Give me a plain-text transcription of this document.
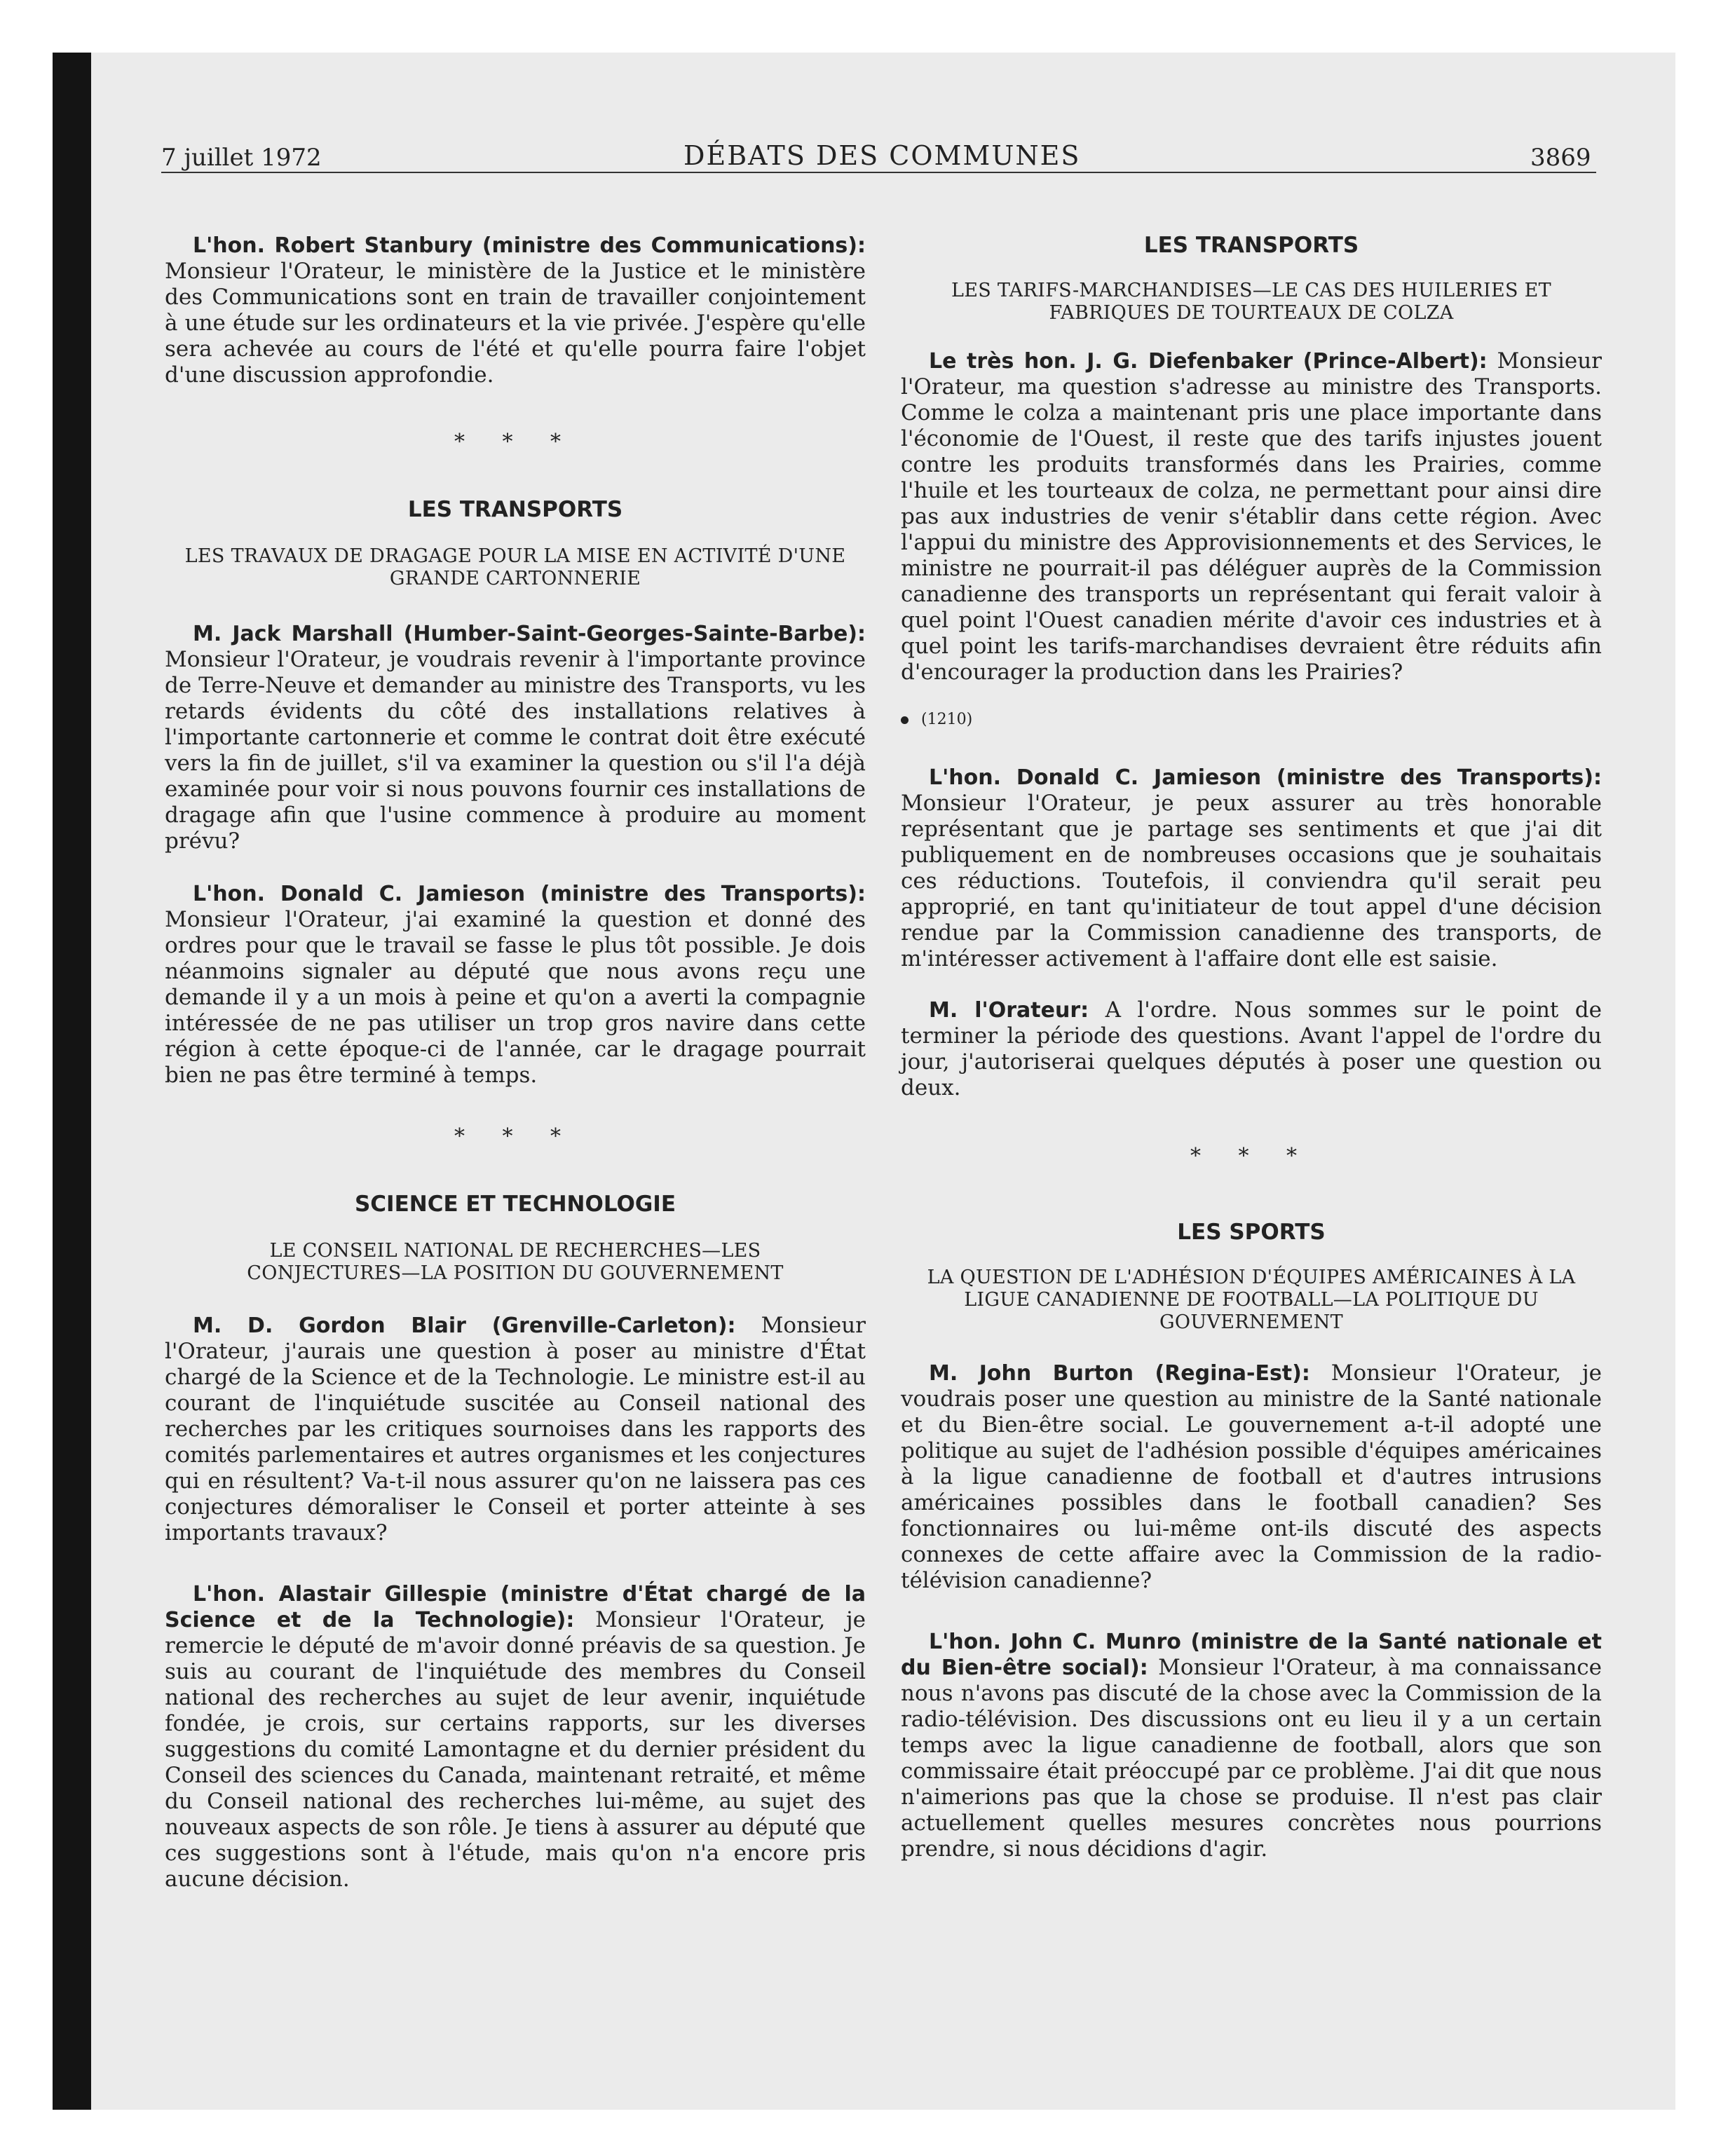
7 juillet 1972	DÉBATS DES COMMUNES	3869

L'hon. Robert Stanbury (ministre des Communications): Monsieur l'Orateur, le ministère de la Justice et le ministère des Communications sont en train de travailler conjointement à une étude sur les ordinateurs et la vie privée. J'espère qu'elle sera achevée au cours de l'été et qu'elle pourra faire l'objet d'une discussion approfondie.

* * *

LES TRANSPORTS

LES TRAVAUX DE DRAGAGE POUR LA MISE EN ACTIVITÉ D'UNE GRANDE CARTONNERIE

M. Jack Marshall (Humber-Saint-Georges-Sainte-Barbe): Monsieur l'Orateur, je voudrais revenir à l'importante province de Terre-Neuve et demander au ministre des Transports, vu les retards évidents du côté des installations relatives à l'importante cartonnerie et comme le contrat doit être exécuté vers la fin de juillet, s'il va examiner la question ou s'il l'a déjà examinée pour voir si nous pouvons fournir ces installations de dragage afin que l'usine commence à produire au moment prévu?

L'hon. Donald C. Jamieson (ministre des Transports): Monsieur l'Orateur, j'ai examiné la question et donné des ordres pour que le travail se fasse le plus tôt possible. Je dois néanmoins signaler au député que nous avons reçu une demande il y a un mois à peine et qu'on a averti la compagnie intéressée de ne pas utiliser un trop gros navire dans cette région à cette époque-ci de l'année, car le dragage pourrait bien ne pas être terminé à temps.

* * *

SCIENCE ET TECHNOLOGIE

LE CONSEIL NATIONAL DE RECHERCHES—LES CONJECTURES—LA POSITION DU GOUVERNEMENT

M. D. Gordon Blair (Grenville-Carleton): Monsieur l'Orateur, j'aurais une question à poser au ministre d'État chargé de la Science et de la Technologie. Le ministre est-il au courant de l'inquiétude suscitée au Conseil national des recherches par les critiques sournoises dans les rapports des comités parlementaires et autres organismes et les conjectures qui en résultent? Va-t-il nous assurer qu'on ne laissera pas ces conjectures démoraliser le Conseil et porter atteinte à ses importants travaux?

L'hon. Alastair Gillespie (ministre d'État chargé de la Science et de la Technologie): Monsieur l'Orateur, je remercie le député de m'avoir donné préavis de sa question. Je suis au courant de l'inquiétude des membres du Conseil national des recherches au sujet de leur avenir, inquiétude fondée, je crois, sur certains rapports, sur les diverses suggestions du comité Lamontagne et du dernier président du Conseil des sciences du Canada, maintenant retraité, et même du Conseil national des recherches lui-même, au sujet des nouveaux aspects de son rôle. Je tiens à assurer au député que ces suggestions sont à l'étude, mais qu'on n'a encore pris aucune décision.

LES TRANSPORTS

LES TARIFS-MARCHANDISES—LE CAS DES HUILERIES ET FABRIQUES DE TOURTEAUX DE COLZA

Le très hon. J. G. Diefenbaker (Prince-Albert): Monsieur l'Orateur, ma question s'adresse au ministre des Transports. Comme le colza a maintenant pris une place importante dans l'économie de l'Ouest, il reste que des tarifs injustes jouent contre les produits transformés dans les Prairies, comme l'huile et les tourteaux de colza, ne permettant pour ainsi dire pas aux industries de venir s'établir dans cette région. Avec l'appui du ministre des Approvisionnements et des Services, le ministre ne pourrait-il pas déléguer auprès de la Commission canadienne des transports un représentant qui ferait valoir à quel point l'Ouest canadien mérite d'avoir ces industries et à quel point les tarifs-marchandises devraient être réduits afin d'encourager la production dans les Prairies?

(1210)

L'hon. Donald C. Jamieson (ministre des Transports): Monsieur l'Orateur, je peux assurer au très honorable représentant que je partage ses sentiments et que j'ai dit publiquement en de nombreuses occasions que je souhaitais ces réductions. Toutefois, il conviendra qu'il serait peu approprié, en tant qu'initiateur de tout appel d'une décision rendue par la Commission canadienne des transports, de m'intéresser activement à l'affaire dont elle est saisie.

M. l'Orateur: A l'ordre. Nous sommes sur le point de terminer la période des questions. Avant l'appel de l'ordre du jour, j'autoriserai quelques députés à poser une question ou deux.

* * *

LES SPORTS

LA QUESTION DE L'ADHÉSION D'ÉQUIPES AMÉRICAINES À LA LIGUE CANADIENNE DE FOOTBALL—LA POLITIQUE DU GOUVERNEMENT

M. John Burton (Regina-Est): Monsieur l'Orateur, je voudrais poser une question au ministre de la Santé nationale et du Bien-être social. Le gouvernement a-t-il adopté une politique au sujet de l'adhésion possible d'équipes américaines à la ligue canadienne de football et d'autres intrusions américaines possibles dans le football canadien? Ses fonctionnaires ou lui-même ont-ils discuté des aspects connexes de cette affaire avec la Commission de la radio-télévision canadienne?

L'hon. John C. Munro (ministre de la Santé nationale et du Bien-être social): Monsieur l'Orateur, à ma connaissance nous n'avons pas discuté de la chose avec la Commission de la radio-télévision. Des discussions ont eu lieu il y a un certain temps avec la ligue canadienne de football, alors que son commissaire était préoccupé par ce problème. J'ai dit que nous n'aimerions pas que la chose se produise. Il n'est pas clair actuellement quelles mesures concrètes nous pourrions prendre, si nous décidions d'agir.
